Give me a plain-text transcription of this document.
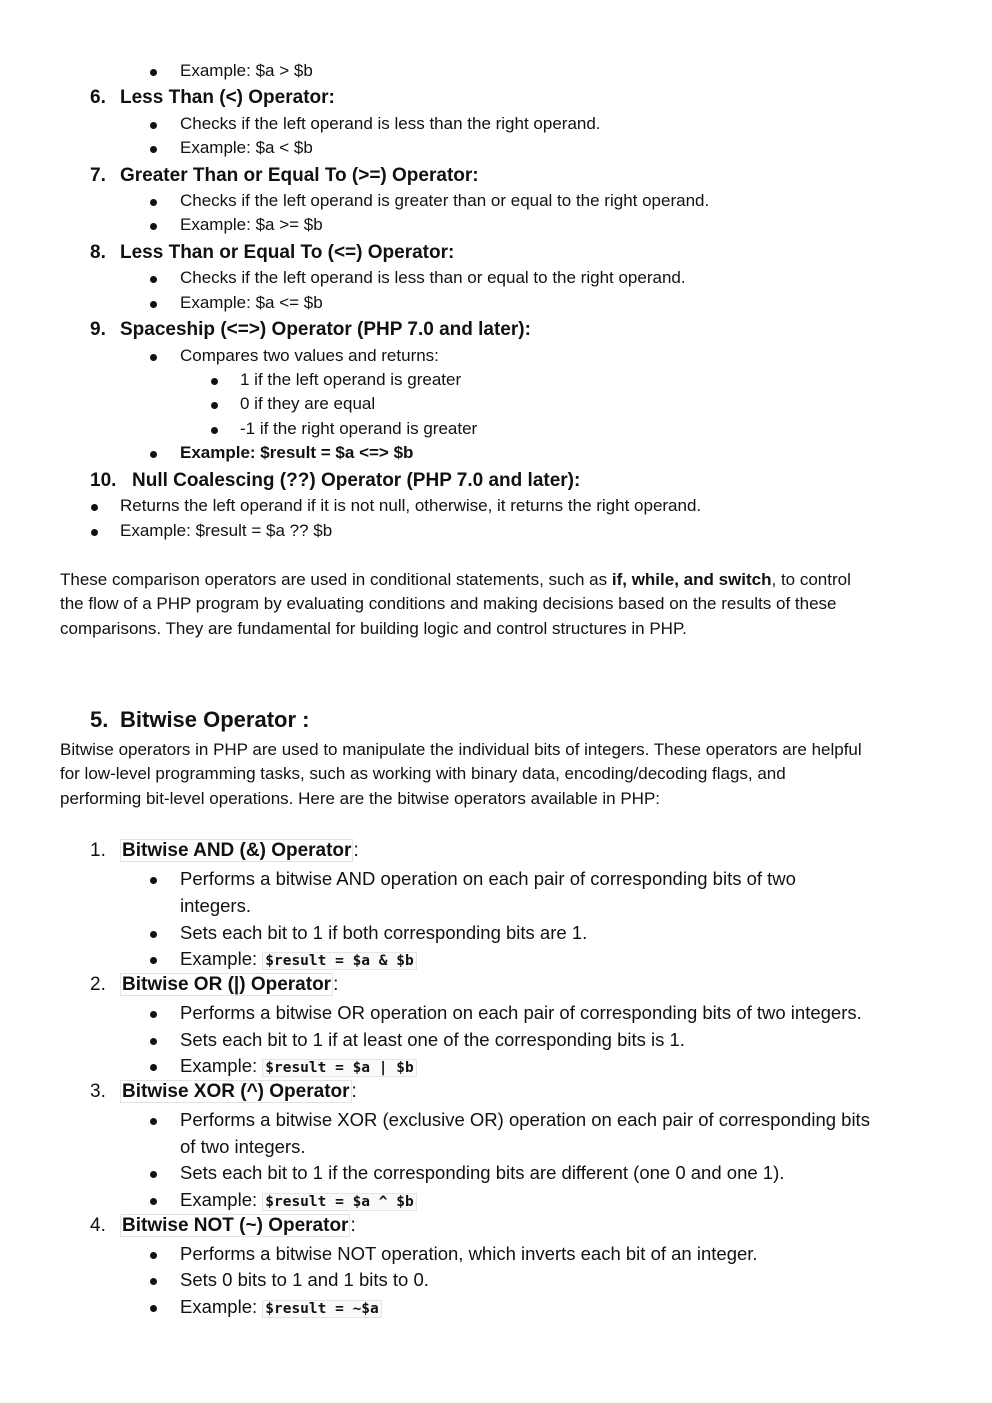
Example: $a > $b
6. Less Than (<) Operator:
Checks if the left operand is less than the right operand.
Example: $a < $b
7. Greater Than or Equal To (>=) Operator:
Checks if the left operand is greater than or equal to the right operand.
Example: $a >= $b
8. Less Than or Equal To (<=) Operator:
Checks if the left operand is less than or equal to the right operand.
Example: $a <= $b
9. Spaceship (<=>) Operator (PHP 7.0 and later):
Compares two values and returns:
1 if the left operand is greater
0 if they are equal
-1 if the right operand is greater
Example: $result = $a <=> $b
10. Null Coalescing (??) Operator (PHP 7.0 and later):
Returns the left operand if it is not null, otherwise, it returns the right operand.
Example: $result = $a ?? $b
These comparison operators are used in conditional statements, such as if, while, and switch, to control
the flow of a PHP program by evaluating conditions and making decisions based on the results of these
comparisons. They are fundamental for building logic and control structures in PHP.
5. Bitwise Operator :
Bitwise operators in PHP are used to manipulate the individual bits of integers. These operators are helpful
for low-level programming tasks, such as working with binary data, encoding/decoding flags, and
performing bit-level operations. Here are the bitwise operators available in PHP:
1. Bitwise AND (&) Operator :
Performs a bitwise AND operation on each pair of corresponding bits of two
integers.
Sets each bit to 1 if both corresponding bits are 1.
Example: $result = $a & $b
2. Bitwise OR (|) Operator :
Performs a bitwise OR operation on each pair of corresponding bits of two integers.
Sets each bit to 1 if at least one of the corresponding bits is 1.
Example: $result = $a | $b
3. Bitwise XOR (^) Operator :
Performs a bitwise XOR (exclusive OR) operation on each pair of corresponding bits
of two integers.
Sets each bit to 1 if the corresponding bits are different (one 0 and one 1).
Example: $result = $a ^ $b
4. Bitwise NOT (~) Operator :
Performs a bitwise NOT operation, which inverts each bit of an integer.
Sets 0 bits to 1 and 1 bits to 0.
Example: $result = ~$a
